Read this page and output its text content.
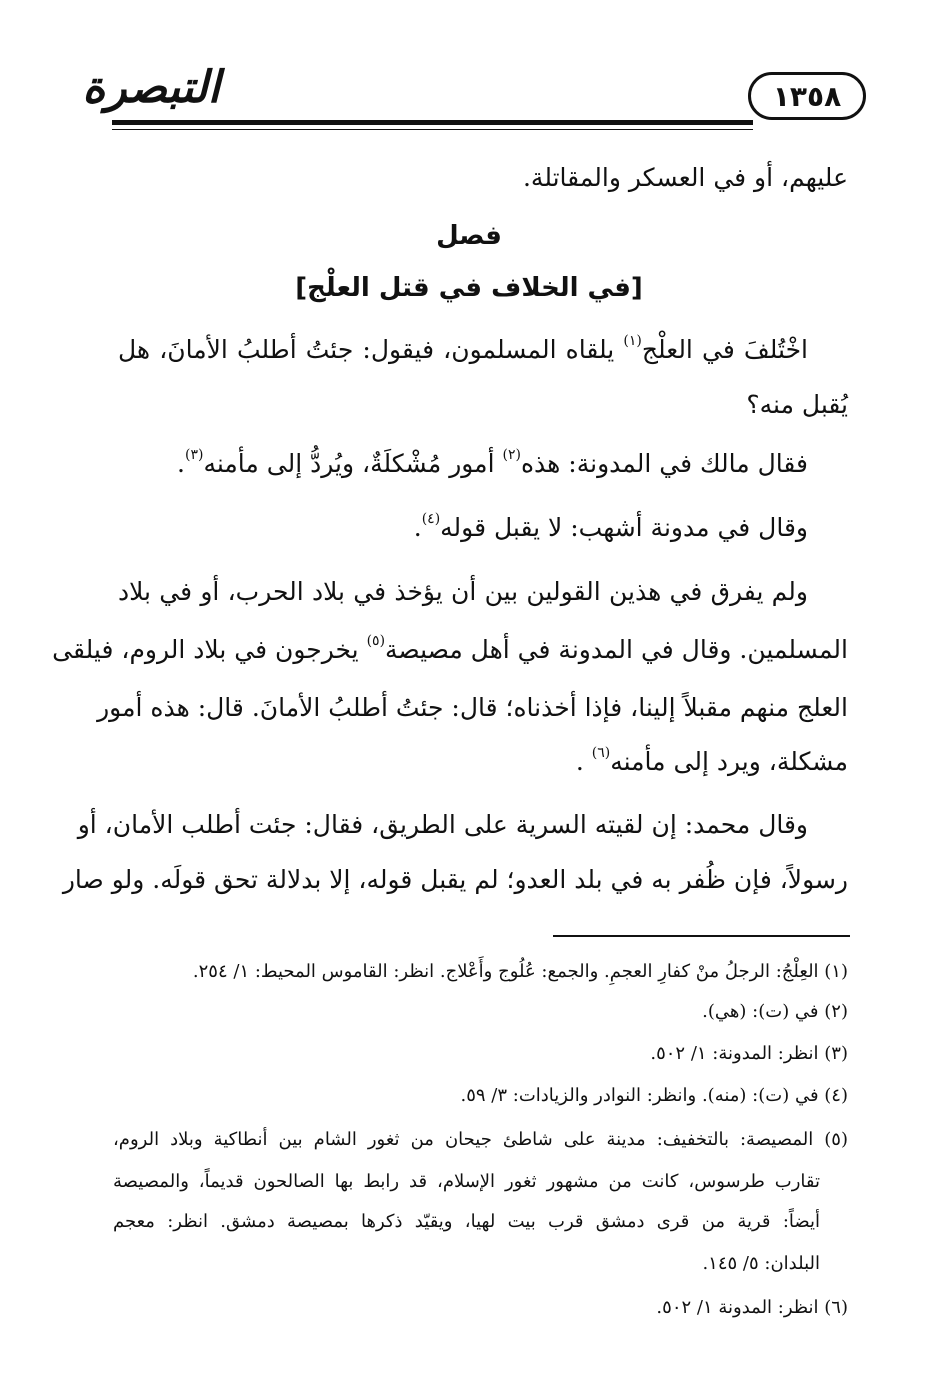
التبصرة	١٣٥٨
عليهم، أو في العسكر والمقاتلة.
فصل
[في الخلاف في قتل العلْج]
اخْتُلفَ في العلْج$^{(١)}$ يلقاه المسلمون، فيقول: جئتُ أطلبُ الأمانَ، هل
يُقبل منه؟
فقال مالك في المدونة: هذه$^{(٢)}$ أمور مُشْكلَةٌ، ويُردُّ إلى مأمنه$^{(٣)}$.
وقال في مدونة أشهب: لا يقبل قوله$^{(٤)}$.
ولم يفرق في هذين القولين بين أن يؤخذ في بلاد الحرب، أو في بلاد
المسلمين. وقال في المدونة في أهل مصيصة$^{(٥)}$ يخرجون في بلاد الروم، فيلقى
العلج منهم مقبلاً إلينا، فإذا أخذناه؛ قال: جئتُ أطلبُ الأمانَ. قال: هذه أمور
مشكلة، ويرد إلى مأمنه$^{(٦)}$ .
وقال محمد: إن لقيته السرية على الطريق، فقال: جئت أطلب الأمان، أو
رسولاً، فإن ظُفر به في بلد العدو؛ لم يقبل قوله، إلا بدلالة تحق قولَه. ولو صار
(١) العِلْجُ: الرجلُ منْ كفارِ العجمِ. والجمع: عُلُوج وأَعْلاج. انظر: القاموس المحيط: ١/ ٢٥٤.
(٢) في (ت): (هي).
(٣) انظر: المدونة: ١/ ٥٠٢.
(٤) في (ت): (منه). وانظر: النوادر والزيادات: ٣/ ٥٩.
(٥) المصيصة: بالتخفيف: مدينة على شاطئ جيحان من ثغور الشام بين أنطاكية وبلاد الروم،
تقارب طرسوس، كانت من مشهور ثغور الإسلام، قد رابط بها الصالحون قديماً، والمصيصة
أيضاً: قرية من قرى دمشق قرب بيت لهيا، ويقيّد ذكرها بمصيصة دمشق. انظر: معجم
البلدان: ٥/ ١٤٥.
(٦) انظر: المدونة ١/ ٥٠٢.
